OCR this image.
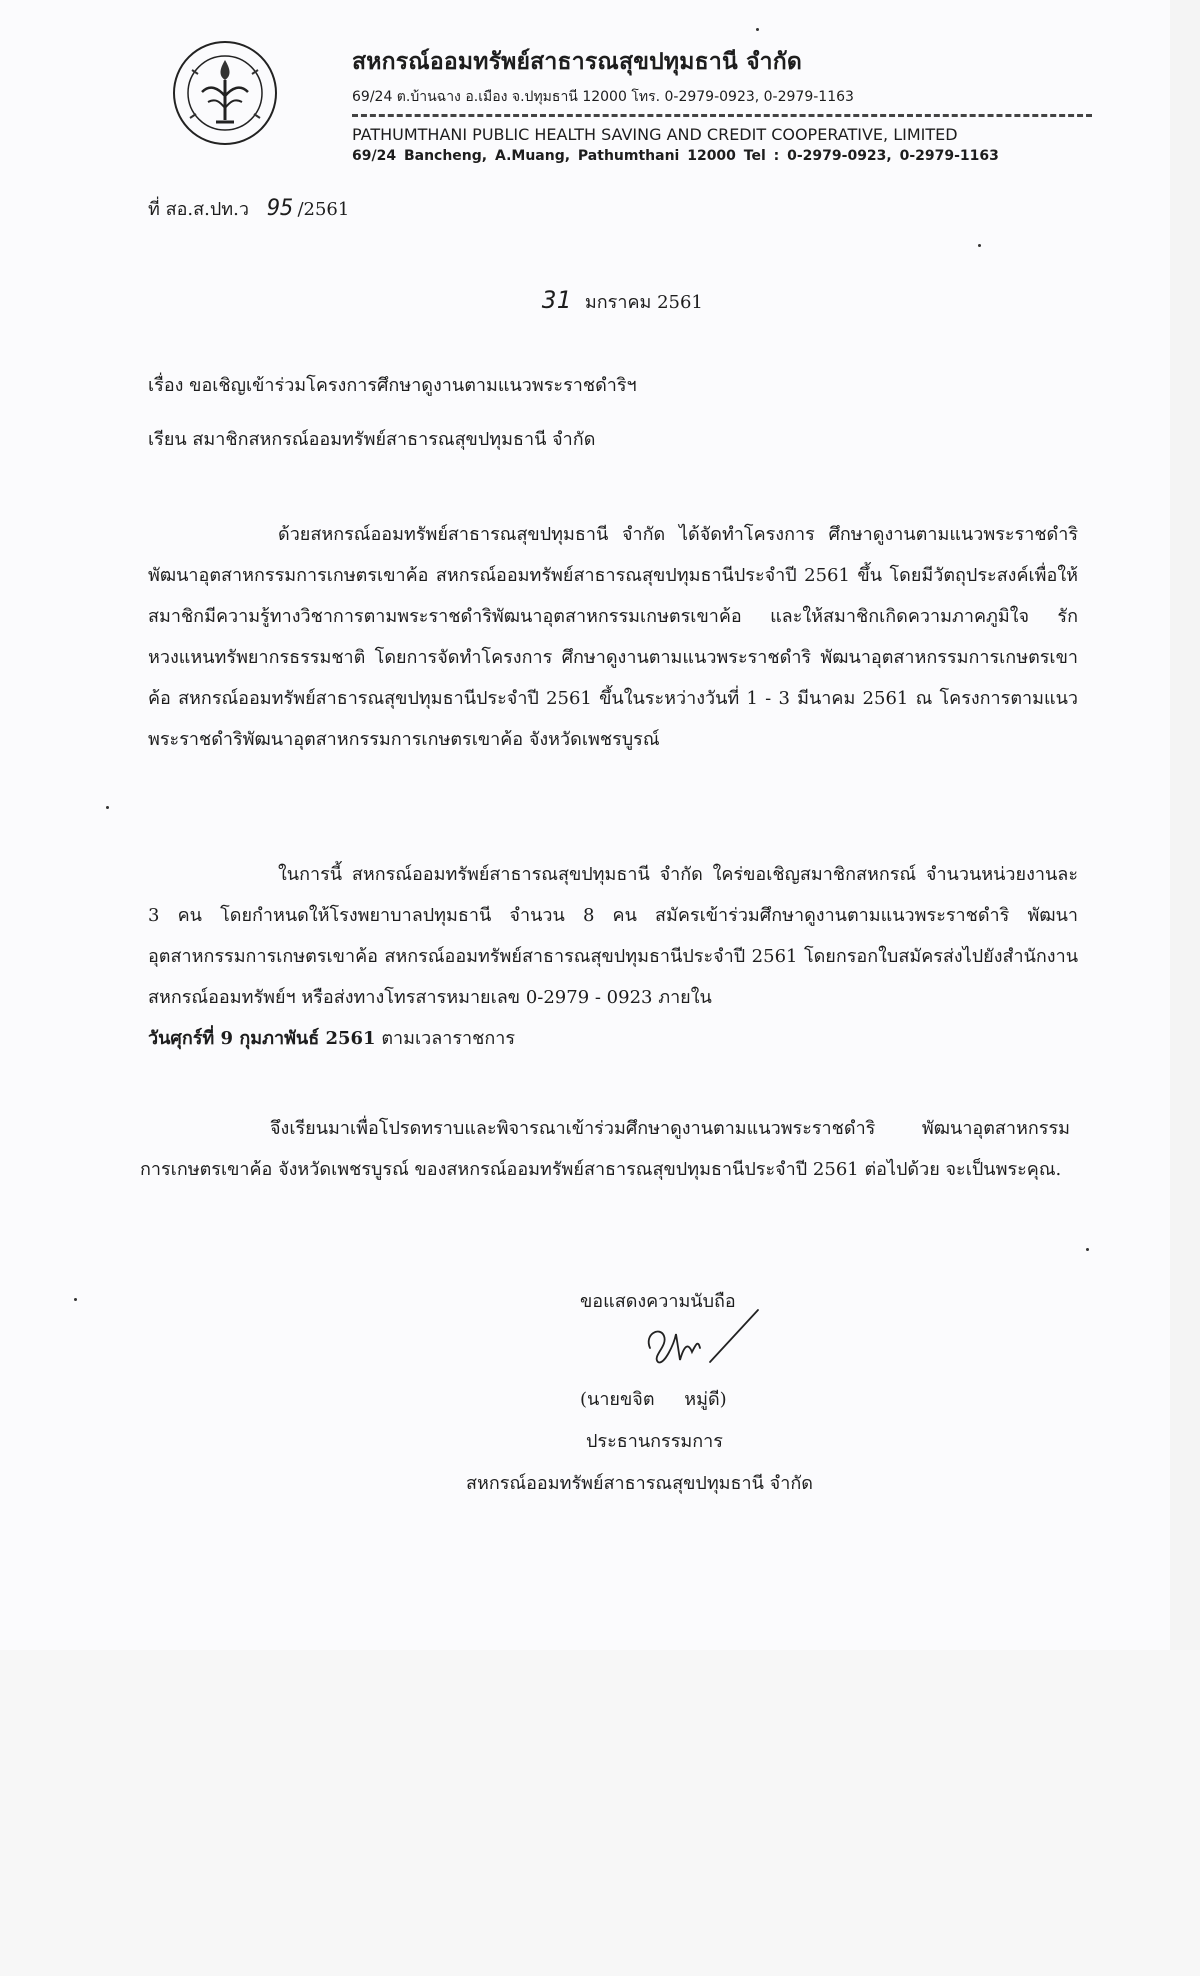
สหกรณ์ออมทรัพย์สาธารณสุขปทุมธานี จำกัด
69/24 ต.บ้านฉาง อ.เมือง จ.ปทุมธานี 12000 โทร. 0-2979-0923, 0-2979-1163
PATHUMTHANI PUBLIC HEALTH SAVING AND CREDIT COOPERATIVE, LIMITED
69/24 Bancheng, A.Muang, Pathumthani 12000 Tel : 0-2979-0923, 0-2979-1163
ที่ สอ.ส.ปท.ว 95 /2561
31 มกราคม 2561
เรื่อง ขอเชิญเข้าร่วมโครงการศึกษาดูงานตามแนวพระราชดำริฯ
เรียน สมาชิกสหกรณ์ออมทรัพย์สาธารณสุขปทุมธานี จำกัด

ด้วยสหกรณ์ออมทรัพย์สาธารณสุขปทุมธานี จำกัด ได้จัดทำโครงการ ศึกษาดูงานตามแนวพระราชดำริ พัฒนาอุตสาหกรรมการเกษตรเขาค้อ สหกรณ์ออมทรัพย์สาธารณสุขปทุมธานีประจำปี 2561 ขึ้น โดยมีวัตถุประสงค์เพื่อให้สมาชิกมีความรู้ทางวิชาการตามพระราชดำริพัฒนาอุตสาหกรรมเกษตรเขาค้อ และให้สมาชิกเกิดความภาคภูมิใจ รักหวงแหนทรัพยากรธรรมชาติ โดยการจัดทำโครงการ ศึกษาดูงานตามแนวพระราชดำริ พัฒนาอุตสาหกรรมการเกษตรเขาค้อ สหกรณ์ออมทรัพย์สาธารณสุขปทุมธานีประจำปี 2561 ขึ้นในระหว่างวันที่ 1 - 3 มีนาคม 2561 ณ โครงการตามแนวพระราชดำริพัฒนาอุตสาหกรรมการเกษตรเขาค้อ จังหวัดเพชรบูรณ์

ในการนี้ สหกรณ์ออมทรัพย์สาธารณสุขปทุมธานี จำกัด ใคร่ขอเชิญสมาชิกสหกรณ์ จำนวนหน่วยงานละ 3 คน โดยกำหนดให้โรงพยาบาลปทุมธานี จำนวน 8 คน สมัครเข้าร่วมศึกษาดูงานตามแนวพระราชดำริ พัฒนาอุตสาหกรรมการเกษตรเขาค้อ สหกรณ์ออมทรัพย์สาธารณสุขปทุมธานีประจำปี 2561 โดยกรอกใบสมัครส่งไปยังสำนักงานสหกรณ์ออมทรัพย์ฯ หรือส่งทางโทรสารหมายเลข 0-2979 - 0923 ภายใน
วันศุกร์ที่ 9 กุมภาพันธ์ 2561 ตามเวลาราชการ

จึงเรียนมาเพื่อโปรดทราบและพิจารณาเข้าร่วมศึกษาดูงานตามแนวพระราชดำริ พัฒนาอุตสาหกรรมการเกษตรเขาค้อ จังหวัดเพชรบูรณ์ ของสหกรณ์ออมทรัพย์สาธารณสุขปทุมธานีประจำปี 2561 ต่อไปด้วย จะเป็นพระคุณ.

ขอแสดงความนับถือ
(นายขจิต หมู่ดี)
ประธานกรรมการ
สหกรณ์ออมทรัพย์สาธารณสุขปทุมธานี จำกัด
